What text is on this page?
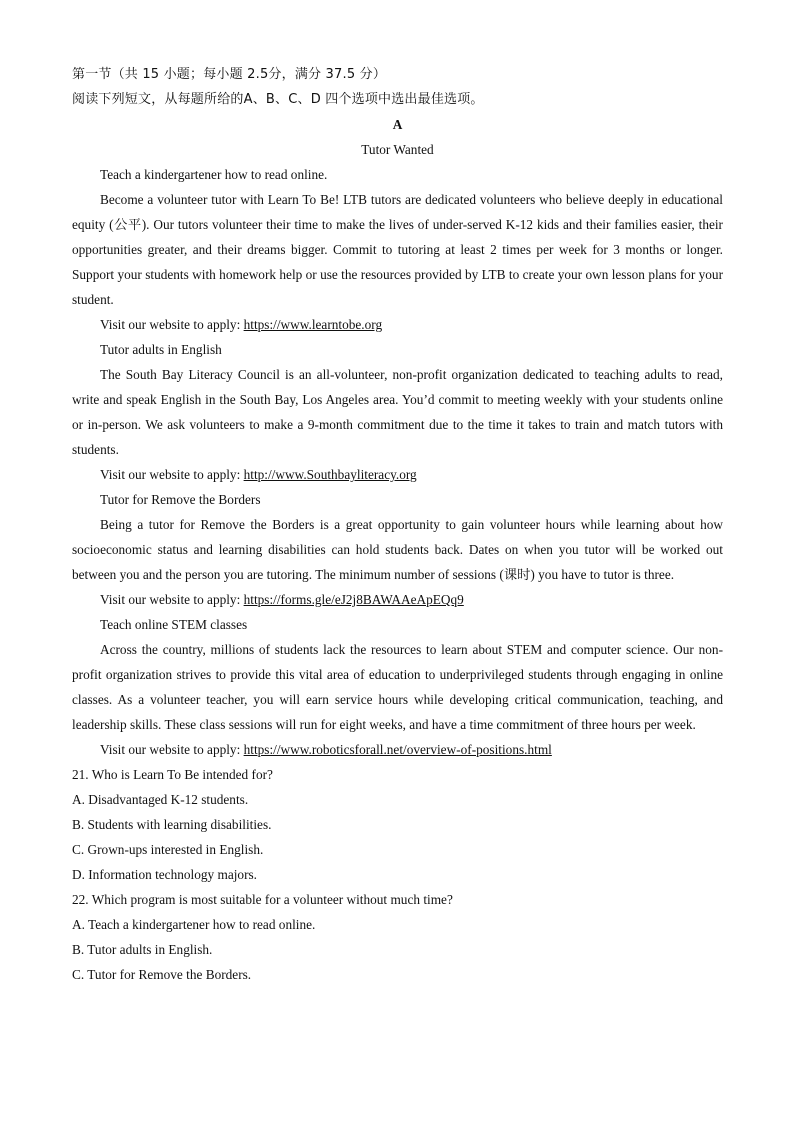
第一节（共 15 小题；每小题 2.5分，满分 37.5 分）
阅读下列短文，从每题所给的A、B、C、D 四个选项中选出最佳选项。
A
Tutor Wanted
Teach a kindergartener how to read online.
Become a volunteer tutor with Learn To Be! LTB tutors are dedicated volunteers who believe deeply in educational equity (公平). Our tutors volunteer their time to make the lives of under-served K-12 kids and their families easier, their opportunities greater, and their dreams bigger. Commit to tutoring at least 2 times per week for 3 months or longer. Support your students with homework help or use the resources provided by LTB to create your own lesson plans for your student.
Visit our website to apply: https://www.learntobe.org
Tutor adults in English
The South Bay Literacy Council is an all-volunteer, non-profit organization dedicated to teaching adults to read, write and speak English in the South Bay, Los Angeles area. You’d commit to meeting weekly with your students online or in-person. We ask volunteers to make a 9-month commitment due to the time it takes to train and match tutors with students.
Visit our website to apply: http://www.Southbayliteracy.org
Tutor for Remove the Borders
Being a tutor for Remove the Borders is a great opportunity to gain volunteer hours while learning about how socioeconomic status and learning disabilities can hold students back. Dates on when you tutor will be worked out between you and the person you are tutoring. The minimum number of sessions (课时) you have to tutor is three.
Visit our website to apply: https://forms.gle/eJ2j8BAWAAeApEQq9
Teach online STEM classes
Across the country, millions of students lack the resources to learn about STEM and computer science. Our non-profit organization strives to provide this vital area of education to underprivileged students through engaging in online classes. As a volunteer teacher, you will earn service hours while developing critical communication, teaching, and leadership skills. These class sessions will run for eight weeks, and have a time commitment of three hours per week.
Visit our website to apply: https://www.roboticsforall.net/overview-of-positions.html
21. Who is Learn To Be intended for?
A. Disadvantaged K-12 students.
B. Students with learning disabilities.
C. Grown-ups interested in English.
D. Information technology majors.
22. Which program is most suitable for a volunteer without much time?
A. Teach a kindergartener how to read online.
B. Tutor adults in English.
C. Tutor for Remove the Borders.
